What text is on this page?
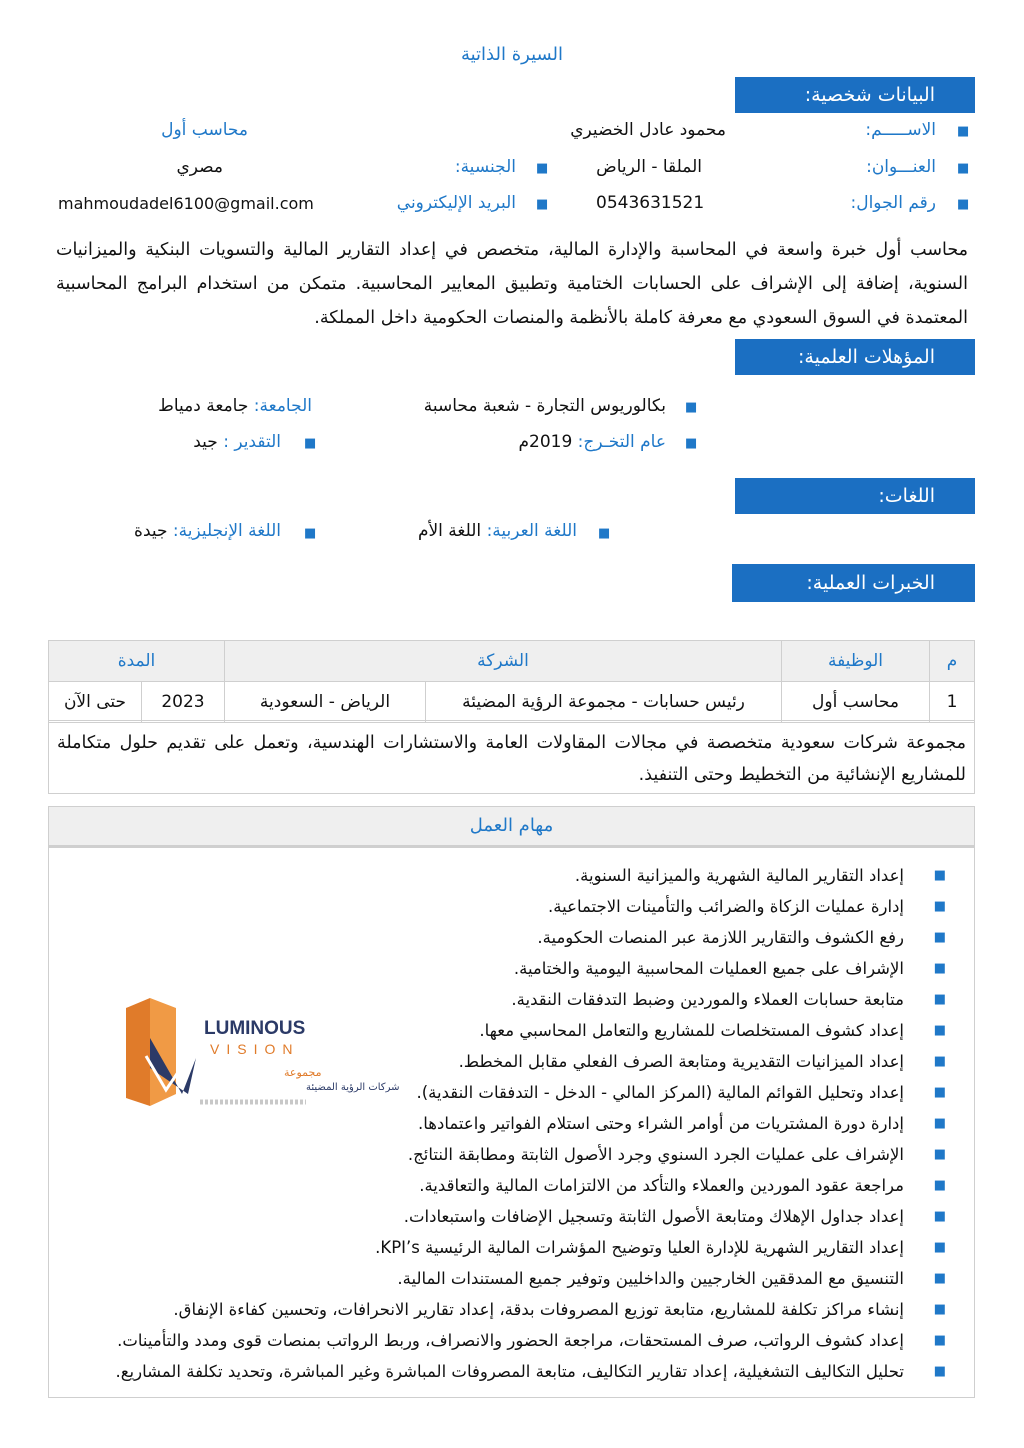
السيرة الذاتية
البيانات شخصية:
■
الاســـــم:
محمود عادل الخضيري
محاسب أول
■
العنـــوان:
الملقا - الرياض
■
الجنسية:
مصري
■
رقم الجوال:
0543631521
■
البريد الإليكتروني
mahmoudadel6100@gmail.com
محاسب أول خبرة واسعة في المحاسبة والإدارة المالية، متخصص في إعداد التقارير المالية والتسويات البنكية والميزانيات السنوية، إضافة إلى الإشراف على الحسابات الختامية وتطبيق المعايير المحاسبية. متمكن من استخدام البرامج المحاسبية المعتمدة في السوق السعودي مع معرفة كاملة بالأنظمة والمنصات الحكومية داخل المملكة.
المؤهلات العلمية:
■
بكالوريوس التجارة - شعبة محاسبة
الجامعة: جامعة دمياط
■
عام التخـرج: 2019م
■
التقدير : جيد
اللغات:
■
اللغة العربية: اللغة الأم
■
اللغة الإنجليزية: جيدة
الخبرات العملية:
م	الوظيفة	الشركة		المدة	
1	محاسب أول	رئيس حسابات - مجموعة الرؤية المضيئة	الرياض - السعودية	2023	حتى الآن
مجموعة شركات سعودية متخصصة في مجالات المقاولات العامة والاستشارات الهندسية، وتعمل على تقديم حلول متكاملة للمشاريع الإنشائية من التخطيط وحتى التنفيذ.
مهام العمل
■
إعداد التقارير المالية الشهرية والميزانية السنوية.
■
إدارة عمليات الزكاة والضرائب والتأمينات الاجتماعية.
■
رفع الكشوف والتقارير اللازمة عبر المنصات الحكومية.
■
الإشراف على جميع العمليات المحاسبية اليومية والختامية.
■
متابعة حسابات العملاء والموردين وضبط التدفقات النقدية.
■
إعداد كشوف المستخلصات للمشاريع والتعامل المحاسبي معها.
■
إعداد الميزانيات التقديرية ومتابعة الصرف الفعلي مقابل المخطط.
■
إعداد وتحليل القوائم المالية (المركز المالي - الدخل - التدفقات النقدية).
■
إدارة دورة المشتريات من أوامر الشراء وحتى استلام الفواتير واعتمادها.
■
الإشراف على عمليات الجرد السنوي وجرد الأصول الثابتة ومطابقة النتائج.
■
مراجعة عقود الموردين والعملاء والتأكد من الالتزامات المالية والتعاقدية.
■
إعداد جداول الإهلاك ومتابعة الأصول الثابتة وتسجيل الإضافات واستبعادات.
■
إعداد التقارير الشهرية للإدارة العليا وتوضيح المؤشرات المالية الرئيسية KPI’s.
■
التنسيق مع المدققين الخارجيين والداخليين وتوفير جميع المستندات المالية.
■
إنشاء مراكز تكلفة للمشاريع، متابعة توزيع المصروفات بدقة، إعداد تقارير الانحرافات، وتحسين كفاءة الإنفاق.
■
إعداد كشوف الرواتب، صرف المستحقات، مراجعة الحضور والانصراف، وربط الرواتب بمنصات قوى ومدد والتأمينات.
■
تحليل التكاليف التشغيلية، إعداد تقارير التكاليف، متابعة المصروفات المباشرة وغير المباشرة، وتحديد تكلفة المشاريع.
LUMINOUS
VISION
مجموعة
شركات الرؤية المضيئة
